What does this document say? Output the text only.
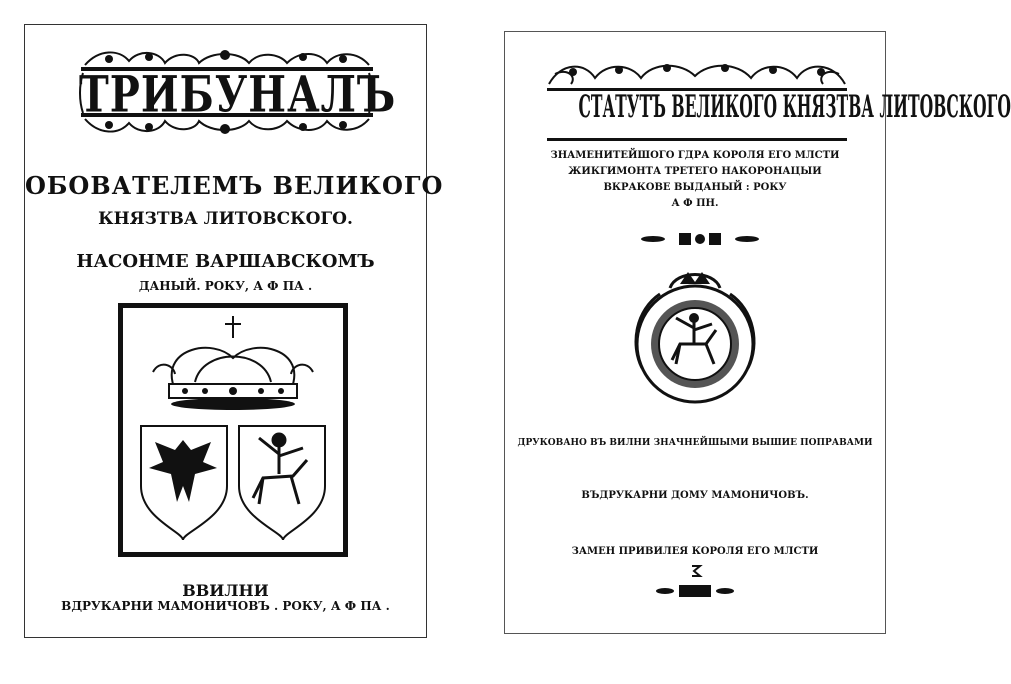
ТРИБУНАЛЪ
ОБОВАТЕЛЕМЪ ВЕЛИКОГО
КНЯЗТВА ЛИТОВСКОГО.
НАСОНМЕ ВАРШАВСКОМЪ
ДАНЫЙ. РОКУ, А Ф ПА .
ВВИЛНИ
ВДРУКАРНИ МАМОНИЧОВЪ . РОКУ, А Ф ПА .
СТАТУТЪ ВЕЛИКОГО КНЯЗТВА ЛИТОВСКОГО
ЗНАМЕНИТЕЙШОГО ГДРА КОРОЛЯ ЕГО МЛСТИ
ЖИКГИМОНТА ТРЕТЕГО НАКОРОНАЦЫИ
ВКРАКОВЕ ВЫДАНЫЙ : РОКУ
А Ф ПН.
ДРУКОВАНО ВЪ ВИЛНИ ЗНАЧНЕЙШЫМИ ВЫШИЕ ПОПРАВАМИ
ВЪДРУКАРНИ ДОМУ МАМОНИЧОВЪ.
ЗАМЕН ПРИВИЛЕЯ КОРОЛЯ ЕГО МЛСТИ
